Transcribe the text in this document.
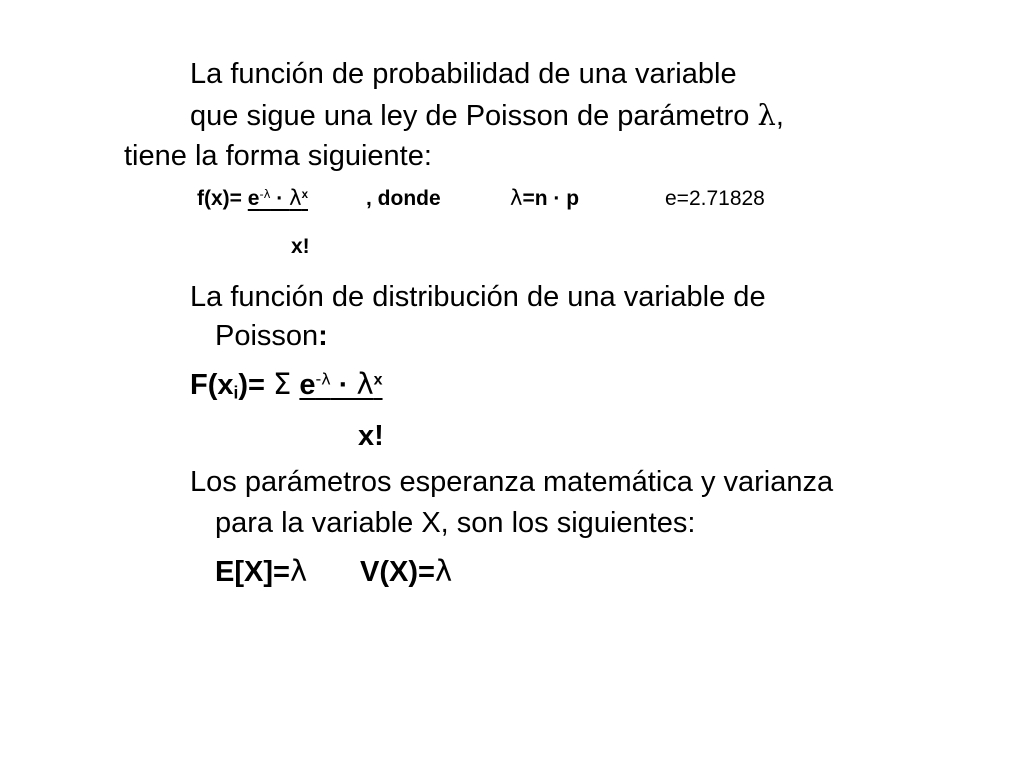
La función de probabilidad de una variable
que sigue una ley de Poisson de parámetro λ,
tiene la forma siguiente:
$f(x)= e^{-\lambda} \cdot \lambda^x$	, donde	λ=n · p	e=2.71828
x!
La función de distribución de una variable de
Poisson:
$F(x_i)= \Sigma$ $e^{-\lambda} \cdot \lambda^x$
x!
Los parámetros esperanza matemática y varianza
para la variable X, son los siguientes:
E[X]=λ V(X)=λ
